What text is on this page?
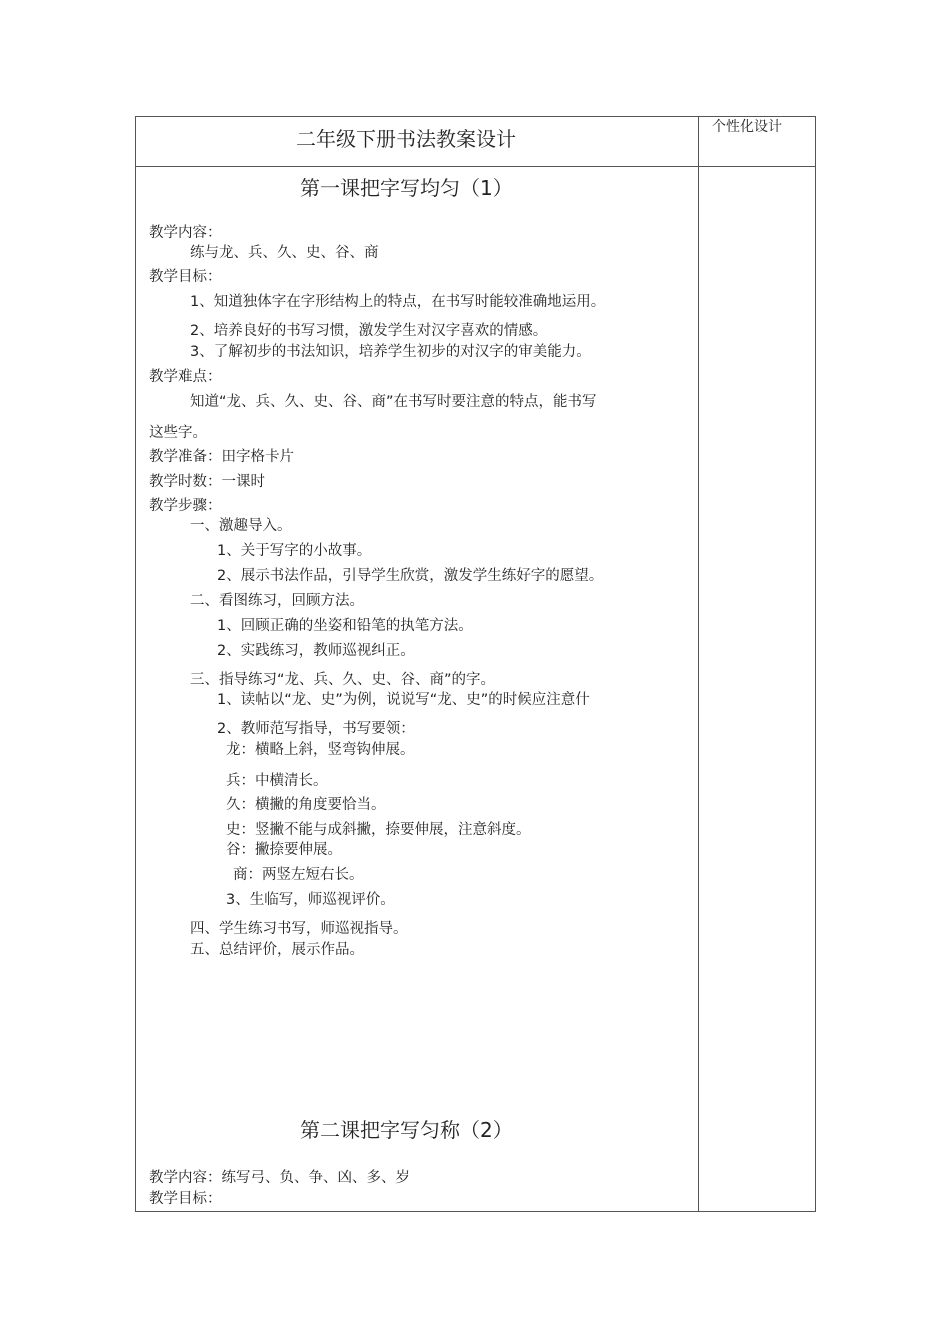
二年级下册书法教案设计	个性化设计
第一课把字写均匀（1）
教学内容：
练与龙、兵、久、史、谷、商
教学目标：
1、知道独体字在字形结构上的特点，在书写时能较准确地运用。
2、培养良好的书写习惯，激发学生对汉字喜欢的情感。
3、了解初步的书法知识，培养学生初步的对汉字的审美能力。
教学难点：
知道“龙、兵、久、史、谷、商”在书写时要注意的特点，能书写
这些字。
教学准备：田字格卡片
教学时数：一课时
教学步骤：
一、激趣导入。
1、关于写字的小故事。
2、展示书法作品，引导学生欣赏，激发学生练好字的愿望。
二、看图练习，回顾方法。
1、回顾正确的坐姿和铅笔的执笔方法。
2、实践练习，教师巡视纠正。
三、指导练习“龙、兵、久、史、谷、商”的字。
1、读帖以“龙、史”为例，说说写“龙、史”的时候应注意什
2、教师范写指导，书写要领：
龙：横略上斜，竖弯钩伸展。
兵：中横清长。
久：横撇的角度要恰当。
史：竖撇不能与成斜撇，捺要伸展，注意斜度。
谷：撇捺要伸展。
商：两竖左短右长。
3、生临写，师巡视评价。
四、学生练习书写，师巡视指导。
五、总结评价，展示作品。
第二课把字写匀称（2）
教学内容：练写弓、负、争、凶、多、岁
教学目标：
